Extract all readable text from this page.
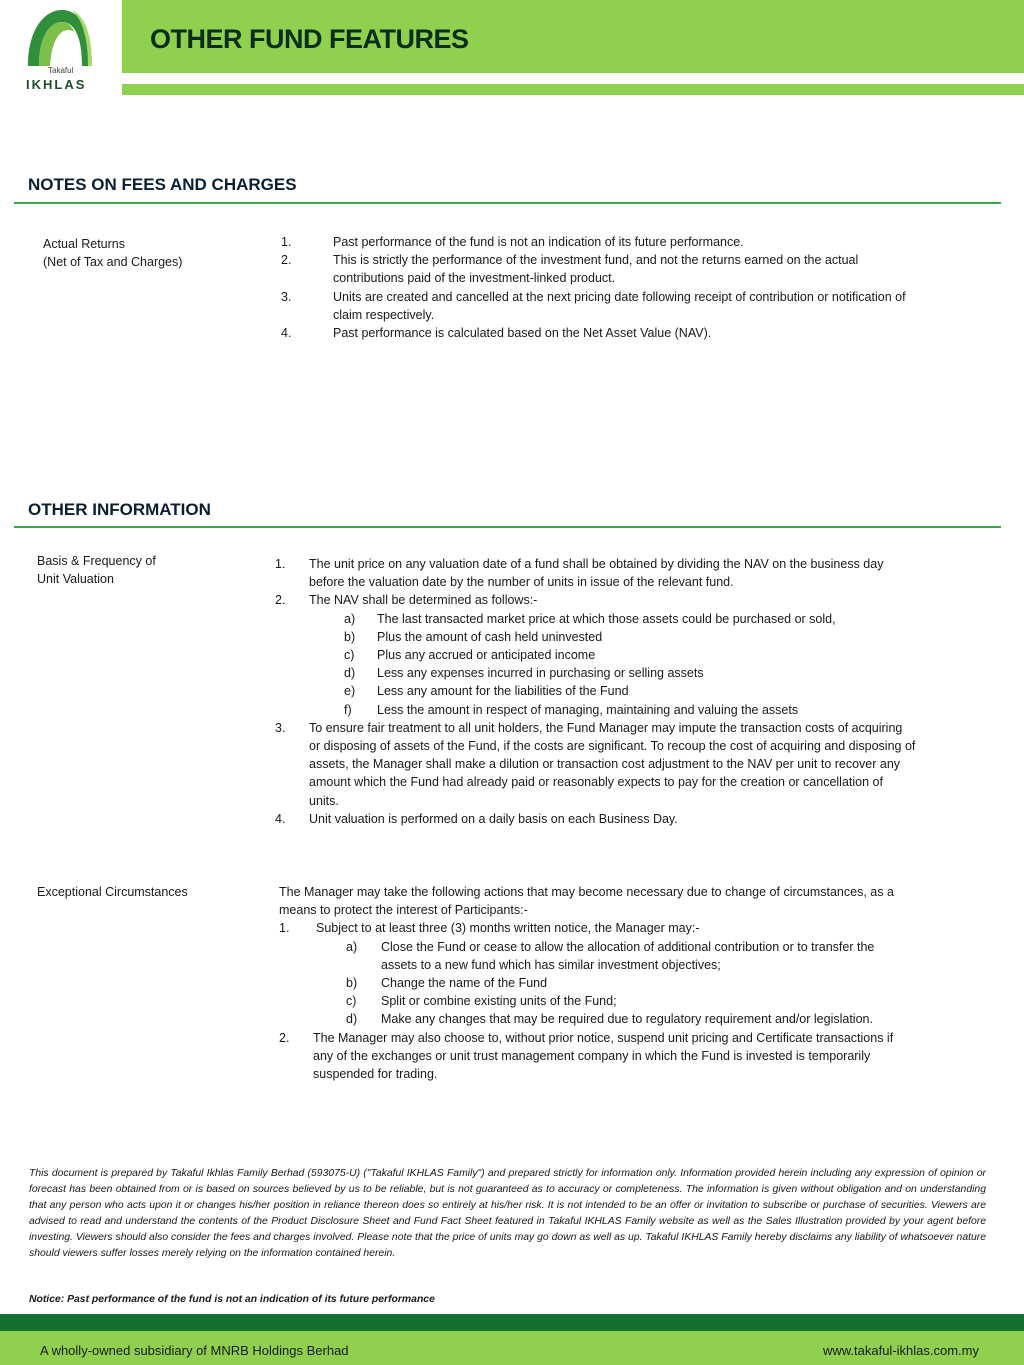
Takaful
IKHLAS
OTHER FUND FEATURES
NOTES ON FEES AND CHARGES
Actual Returns
(Net of Tax and Charges)
1.	Past performance of the fund is not an indication of its future performance.
2.	This is strictly the performance of the investment fund, and not the returns earned on the actual
contributions paid of the investment-linked product.
3.	Units are created and cancelled at the next pricing date following receipt of contribution or notification of
claim respectively.
4.	Past performance is calculated based on the Net Asset Value (NAV).
OTHER INFORMATION
Basis & Frequency of
Unit Valuation
1. The unit price on any valuation date of a fund shall be obtained by dividing the NAV on the business day
before the valuation date by the number of units in issue of the relevant fund.
2. The NAV shall be determined as follows:-
a) The last transacted market price at which those assets could be purchased or sold,
b) Plus the amount of cash held uninvested
c) Plus any accrued or anticipated income
d) Less any expenses incurred in purchasing or selling assets
e) Less any amount for the liabilities of the Fund
f) Less the amount in respect of managing, maintaining and valuing the assets
3. To ensure fair treatment to all unit holders, the Fund Manager may impute the transaction costs of acquiring
or disposing of assets of the Fund, if the costs are significant. To recoup the cost of acquiring and disposing of
assets, the Manager shall make a dilution or transaction cost adjustment to the NAV per unit to recover any
amount which the Fund had already paid or reasonably expects to pay for the creation or cancellation of
units.
4. Unit valuation is performed on a daily basis on each Business Day.
Exceptional Circumstances	The Manager may take the following actions that may become necessary due to change of circumstances, as a
means to protect the interest of Participants:-
1. Subject to at least three (3) months written notice, the Manager may:-
a) Close the Fund or cease to allow the allocation of additional contribution or to transfer the
assets to a new fund which has similar investment objectives;
b) Change the name of the Fund
c) Split or combine existing units of the Fund;
d) Make any changes that may be required due to regulatory requirement and/or legislation.
2. The Manager may also choose to, without prior notice, suspend unit pricing and Certificate transactions if
any of the exchanges or unit trust management company in which the Fund is invested is temporarily
suspended for trading.
This document is prepared by Takaful Ikhlas Family Berhad (593075-U) ("Takaful IKHLAS Family") and prepared strictly for information only. Information provided herein including any expression of opinion or forecast has been obtained from or is based on sources believed by us to be reliable, but is not guaranteed as to accuracy or completeness. The information is given without obligation and on understanding that any person who acts upon it or changes his/her position in reliance thereon does so entirely at his/her risk. It is not intended to be an offer or invitation to subscribe or purchase of securities. Viewers are advised to read and understand the contents of the Product Disclosure Sheet and Fund Fact Sheet featured in Takaful IKHLAS Family website as well as the Sales Illustration provided by your agent before investing. Viewers should also consider the fees and charges involved. Please note that the price of units may go down as well as up. Takaful IKHLAS Family hereby disclaims any liability of whatsoever nature should viewers suffer losses merely relying on the information contained herein.
Notice: Past performance of the fund is not an indication of its future performance
A wholly-owned subsidiary of MNRB Holdings Berhad	www.takaful-ikhlas.com.my
